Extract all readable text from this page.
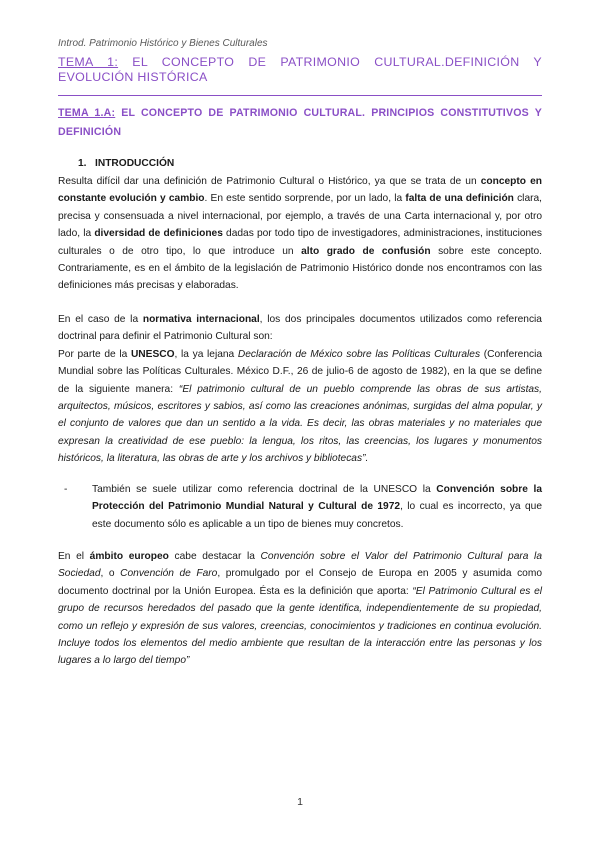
Introd. Patrimonio Histórico y Bienes Culturales
TEMA 1: EL CONCEPTO DE PATRIMONIO CULTURAL.DEFINICIÓN Y EVOLUCIÓN HISTÓRICA
TEMA 1.A: EL CONCEPTO DE PATRIMONIO CULTURAL. PRINCIPIOS CONSTITUTIVOS Y DEFINICIÓN
1. INTRODUCCIÓN
Resulta difícil dar una definición de Patrimonio Cultural o Histórico, ya que se trata de un concepto en constante evolución y cambio. En este sentido sorprende, por un lado, la falta de una definición clara, precisa y consensuada a nivel internacional, por ejemplo, a través de una Carta internacional y, por otro lado, la diversidad de definiciones dadas por todo tipo de investigadores, administraciones, instituciones culturales o de otro tipo, lo que introduce un alto grado de confusión sobre este concepto. Contrariamente, es en el ámbito de la legislación de Patrimonio Histórico donde nos encontramos con las definiciones más precisas y elaboradas.
En el caso de la normativa internacional, los dos principales documentos utilizados como referencia doctrinal para definir el Patrimonio Cultural son:
Por parte de la UNESCO, la ya lejana Declaración de México sobre las Políticas Culturales (Conferencia Mundial sobre las Políticas Culturales. México D.F., 26 de julio-6 de agosto de 1982), en la que se define de la siguiente manera: “El patrimonio cultural de un pueblo comprende las obras de sus artistas, arquitectos, músicos, escritores y sabios, así como las creaciones anónimas, surgidas del alma popular, y el conjunto de valores que dan un sentido a la vida. Es decir, las obras materiales y no materiales que expresan la creatividad de ese pueblo: la lengua, los ritos, las creencias, los lugares y monumentos históricos, la literatura, las obras de arte y los archivos y bibliotecas”.
- También se suele utilizar como referencia doctrinal de la UNESCO la Convención sobre la Protección del Patrimonio Mundial Natural y Cultural de 1972, lo cual es incorrecto, ya que este documento sólo es aplicable a un tipo de bienes muy concretos.
En el ámbito europeo cabe destacar la Convención sobre el Valor del Patrimonio Cultural para la Sociedad, o Convención de Faro, promulgado por el Consejo de Europa en 2005 y asumida como documento doctrinal por la Unión Europea. Ésta es la definición que aporta: “El Patrimonio Cultural es el grupo de recursos heredados del pasado que la gente identifica, independientemente de su propiedad, como un reflejo y expresión de sus valores, creencias, conocimientos y tradiciones en continua evolución. Incluye todos los elementos del medio ambiente que resultan de la interacción entre las personas y los lugares a lo largo del tiempo”
1
